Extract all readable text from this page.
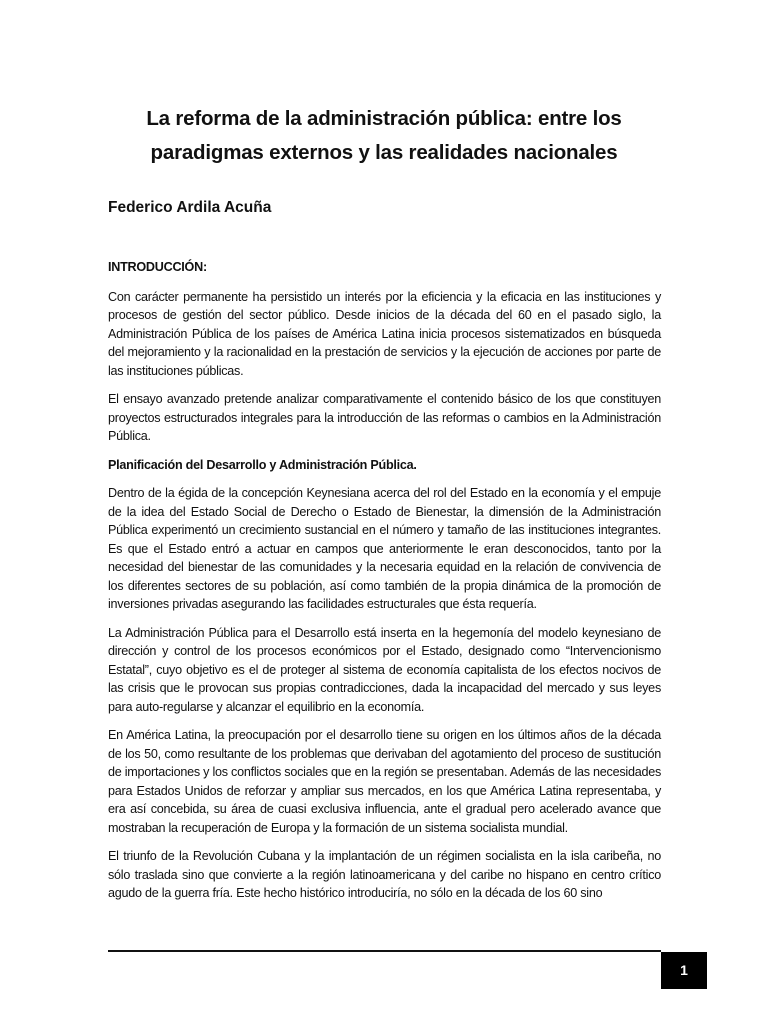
La reforma de la administración pública: entre los
paradigmas externos y las realidades nacionales
Federico Ardila Acuña
INTRODUCCIÓN:

Con carácter permanente ha persistido un interés por la eficiencia y la eficacia en las instituciones y procesos de gestión del sector público. Desde inicios de la década del 60 en el pasado siglo, la Administración Pública de los países de América Latina inicia procesos sistematizados en búsqueda del mejoramiento y la racionalidad en la prestación de servicios y la ejecución de acciones por parte de las instituciones públicas.

El ensayo avanzado pretende analizar comparativamente el contenido básico de los que constituyen proyectos estructurados integrales para la introducción de las reformas o cambios en la Administración Pública.

Planificación del Desarrollo y Administración Pública.

Dentro de la égida de la concepción Keynesiana acerca del rol del Estado en la economía y el empuje de la idea del Estado Social de Derecho o Estado de Bienestar, la dimensión de la Administración Pública experimentó un crecimiento sustancial en el número y tamaño de las instituciones integrantes. Es que el Estado entró a actuar en campos que anteriormente le eran desconocidos, tanto por la necesidad del bienestar de las comunidades y la necesaria equidad en la relación de convivencia de los diferentes sectores de su población, así como también de la propia dinámica de la promoción de inversiones privadas asegurando las facilidades estructurales que ésta requería.

La Administración Pública para el Desarrollo está inserta en la hegemonía del modelo keynesiano de dirección y control de los procesos económicos por el Estado, designado como “Intervencionismo Estatal”, cuyo objetivo es el de proteger al sistema de economía capitalista de los efectos nocivos de las crisis que le provocan sus propias contradicciones, dada la incapacidad del mercado y sus leyes para auto-regularse y alcanzar el equilibrio en la economía.

En América Latina, la preocupación por el desarrollo tiene su origen en los últimos años de la década de los 50, como resultante de los problemas que derivaban del agotamiento del proceso de sustitución de importaciones y los conflictos sociales que en la región se presentaban. Además de las necesidades para Estados Unidos de reforzar y ampliar sus mercados, en los que América Latina representaba, y era así concebida, su área de cuasi exclusiva influencia, ante el gradual pero acelerado avance que mostraban la recuperación de Europa y la formación de un sistema socialista mundial.

El triunfo de la Revolución Cubana y la implantación de un régimen socialista en la isla caribeña, no sólo traslada sino que convierte a la región latinoamericana y del caribe no hispano en centro crítico agudo de la guerra fría. Este hecho histórico introduciría, no sólo en la década de los 60 sino

1
